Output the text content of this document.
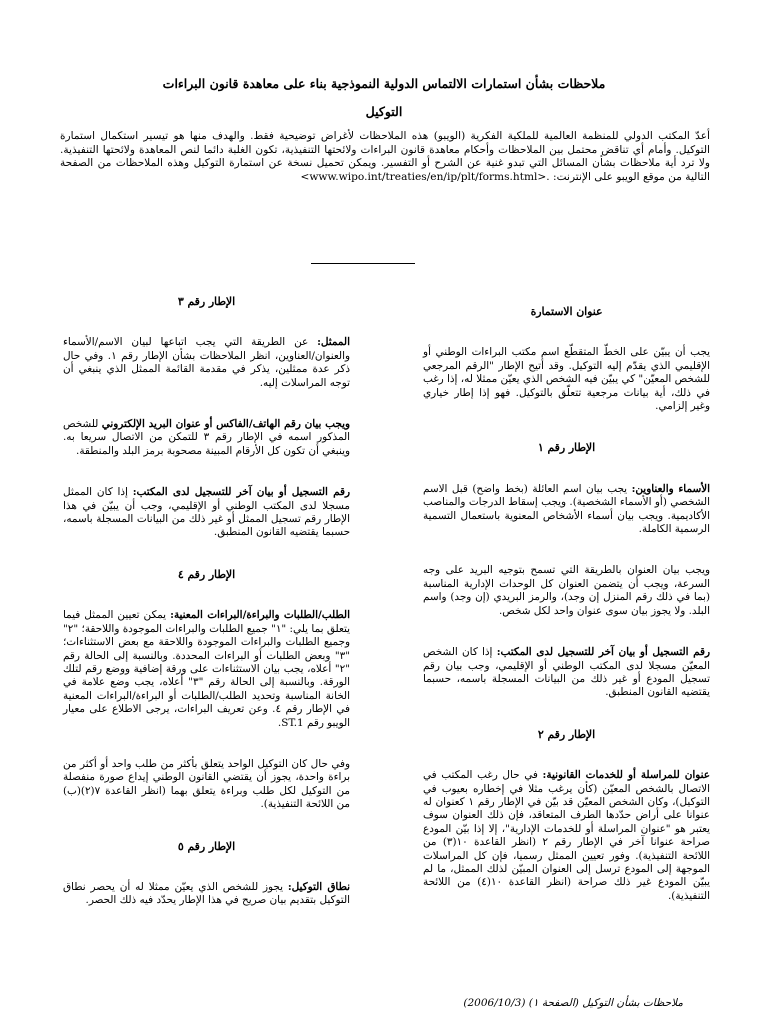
ملاحظات بشأن استمارات الالتماس الدولية النموذجية بناء على معاهدة قانون البراءات
التوكيل
أعدّ المكتب الدولي للمنظمة العالمية للملكية الفكرية (الويبو) هذه الملاحظات لأغراض توضيحية فقط. والهدف منها هو تيسير استكمال استمارة التوكيل. وأمام أي تناقض محتمل بين الملاحظات وأحكام معاهدة قانون البراءات ولائحتها التنفيذية، تكون الغلبة دائما لنص المعاهدة ولائحتها التنفيذية. ولا ترد أية ملاحظات بشأن المسائل التي تبدو غنية عن الشرح أو التفسير. ويمكن تحميل نسخة عن استمارة التوكيل وهذه الملاحظات من الصفحة التالية من موقع الويبو على الإنترنت: <www.wipo.int/treaties/en/ip/plt/forms.html>.
عنوان الاستمارة
يجب أن يبيّن على الخطّ المتقطّع اسم مكتب البراءات الوطني أو الإقليمي الذي يقدّم إليه التوكيل. وقد أتيح الإطار "الرقم المرجعي للشخص المعيّن" كي يبيّن فيه الشخص الذي يعيّن ممثلا له، إذا رغب في ذلك، أية بيانات مرجعية تتعلّق بالتوكيل. فهو إذا إطار خياري وغير إلزامي.
الإطار رقم ١
الأسماء والعناوين: يجب بيان اسم العائلة (بخط واضح) قبل الاسم الشخصي (أو الأسماء الشخصية). ويجب إسقاط الدرجات والمناصب الأكاديمية. ويجب بيان أسماء الأشخاص المعنوية باستعمال التسمية الرسمية الكاملة.
ويجب بيان العنوان بالطريقة التي تسمح بتوجيه البريد على وجه السرعة، ويجب أن يتضمن العنوان كل الوحدات الإدارية المناسبة (بما في ذلك رقم المنزل إن وجد)، والرمز البريدي (إن وجد) واسم البلد. ولا يجوز بيان سوى عنوان واحد لكل شخص.
رقم التسجيل أو بيان آخر للتسجيل لدى المكتب: إذا كان الشخص المعيّن مسجلا لدى المكتب الوطني أو الإقليمي، وجب بيان رقم تسجيل المودع أو غير ذلك من البيانات المسجلة باسمه، حسبما يقتضيه القانون المنطبق.
الإطار رقم ٢
عنوان للمراسلة أو للخدمات القانونية: في حال رغب المكتب في الاتصال بالشخص المعيّن (كأن يرغب مثلا في إخطاره بعيوب في التوكيل)، وكان الشخص المعيّن قد بيّن في الإطار رقم ١ كعنوان له عنوانا على أراض حدّدها الطرف المتعاقد، فإن ذلك العنوان سوف يعتبر هو "عنوان المراسلة أو للخدمات الإدارية"، إلا إذا بيّن المودع صراحة عنوانا آخر في الإطار رقم ٢ (انظر القاعدة ١٠(٣) من اللائحة التنفيذية). وفور تعيين الممثل رسميا، فإن كل المراسلات الموجهة إلى المودع ترسل إلى العنوان المبيّن لذلك الممثل، ما لم يبيّن المودع غير ذلك صراحة (انظر القاعدة ١٠(٤) من اللائحة التنفيذية).
الإطار رقم ٣
الممثل: عن الطريقة التي يجب اتباعها لبيان الاسم/الأسماء والعنوان/العناوين، انظر الملاحظات بشأن الإطار رقم ١. وفي حال ذكر عدة ممثلين، يذكر في مقدمة القائمة الممثل الذي ينبغي أن توجه المراسلات إليه.
ويجب بيان رقم الهاتف/الفاكس أو عنوان البريد الإلكتروني للشخص المذكور اسمه في الإطار رقم ٣ للتمكن من الاتصال سريعا به. وينبغي أن تكون كل الأرقام المبينة مصحوبة برمز البلد والمنطقة.
رقم التسجيل أو بيان آخر للتسجيل لدى المكتب: إذا كان الممثل مسجلا لدى المكتب الوطني أو الإقليمي، وجب أن يبيّن في هذا الإطار رقم تسجيل الممثل أو غير ذلك من البيانات المسجلة باسمه، حسبما يقتضيه القانون المنطبق.
الإطار رقم ٤
الطلب/الطلبات والبراءة/البراءات المعنية: يمكن تعيين الممثل فيما يتعلق بما يلي: "١" جميع الطلبات والبراءات الموجودة واللاحقة؛ "٢" وجميع الطلبات والبراءات الموجودة واللاحقة مع بعض الاستثناءات؛ "٣" وبعض الطلبات أو البراءات المحددة. وبالنسبة إلى الحالة رقم "٢" أعلاه، يجب بيان الاستثناءات على ورقة إضافية ووضع رقم لتلك الورقة. وبالنسبة إلى الحالة رقم "٣" أعلاه، يجب وضع علامة في الخانة المناسبة وتحديد الطلب/الطلبات أو البراءة/البراءات المعنية في الإطار رقم ٤. وعن تعريف البراءات، يرجى الاطلاع على معيار الويبو رقم ST.1.
وفي حال كان التوكيل الواحد يتعلق بأكثر من طلب واحد أو أكثر من براءة واحدة، يجوز أن يقتضي القانون الوطني إيداع صورة منفصلة من التوكيل لكل طلب وبراءة يتعلق بهما (انظر القاعدة ٧(٢)(ب) من اللائحة التنفيذية).
الإطار رقم ٥
نطاق التوكيل: يجوز للشخص الذي يعيّن ممثلا له أن يحصر نطاق التوكيل بتقديم بيان صريح في هذا الإطار يحدّد فيه ذلك الحصر.
ملاحظات بشأن التوكيل (الصفحة ١) (2006/10/3)
